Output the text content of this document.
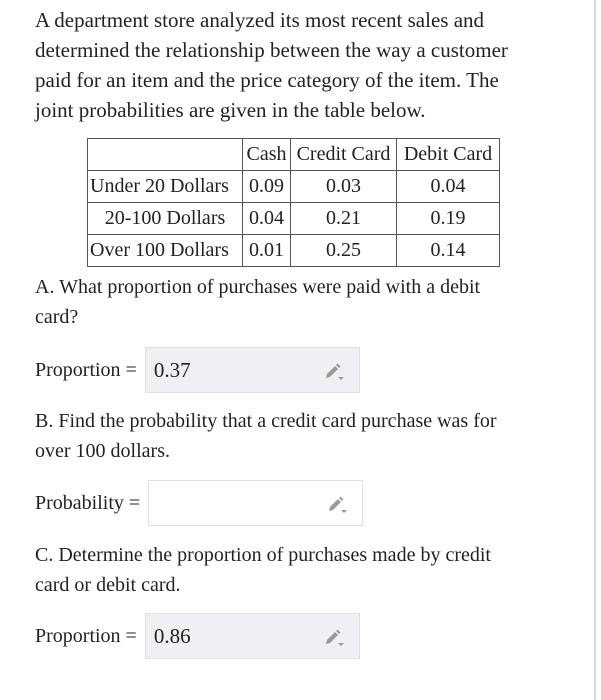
A department store analyzed its most recent sales and
determined the relationship between the way a customer
paid for an item and the price category of the item. The
joint probabilities are given in the table below.

	Cash	Credit Card	Debit Card
Under 20 Dollars	0.09	0.03	0.04
20-100 Dollars	0.04	0.21	0.19
Over 100 Dollars	0.01	0.25	0.14

A. What proportion of purchases were paid with a debit
card?

Proportion = 0.37

B. Find the probability that a credit card purchase was for
over 100 dollars.

Probability =

C. Determine the proportion of purchases made by credit
card or debit card.

Proportion = 0.86
